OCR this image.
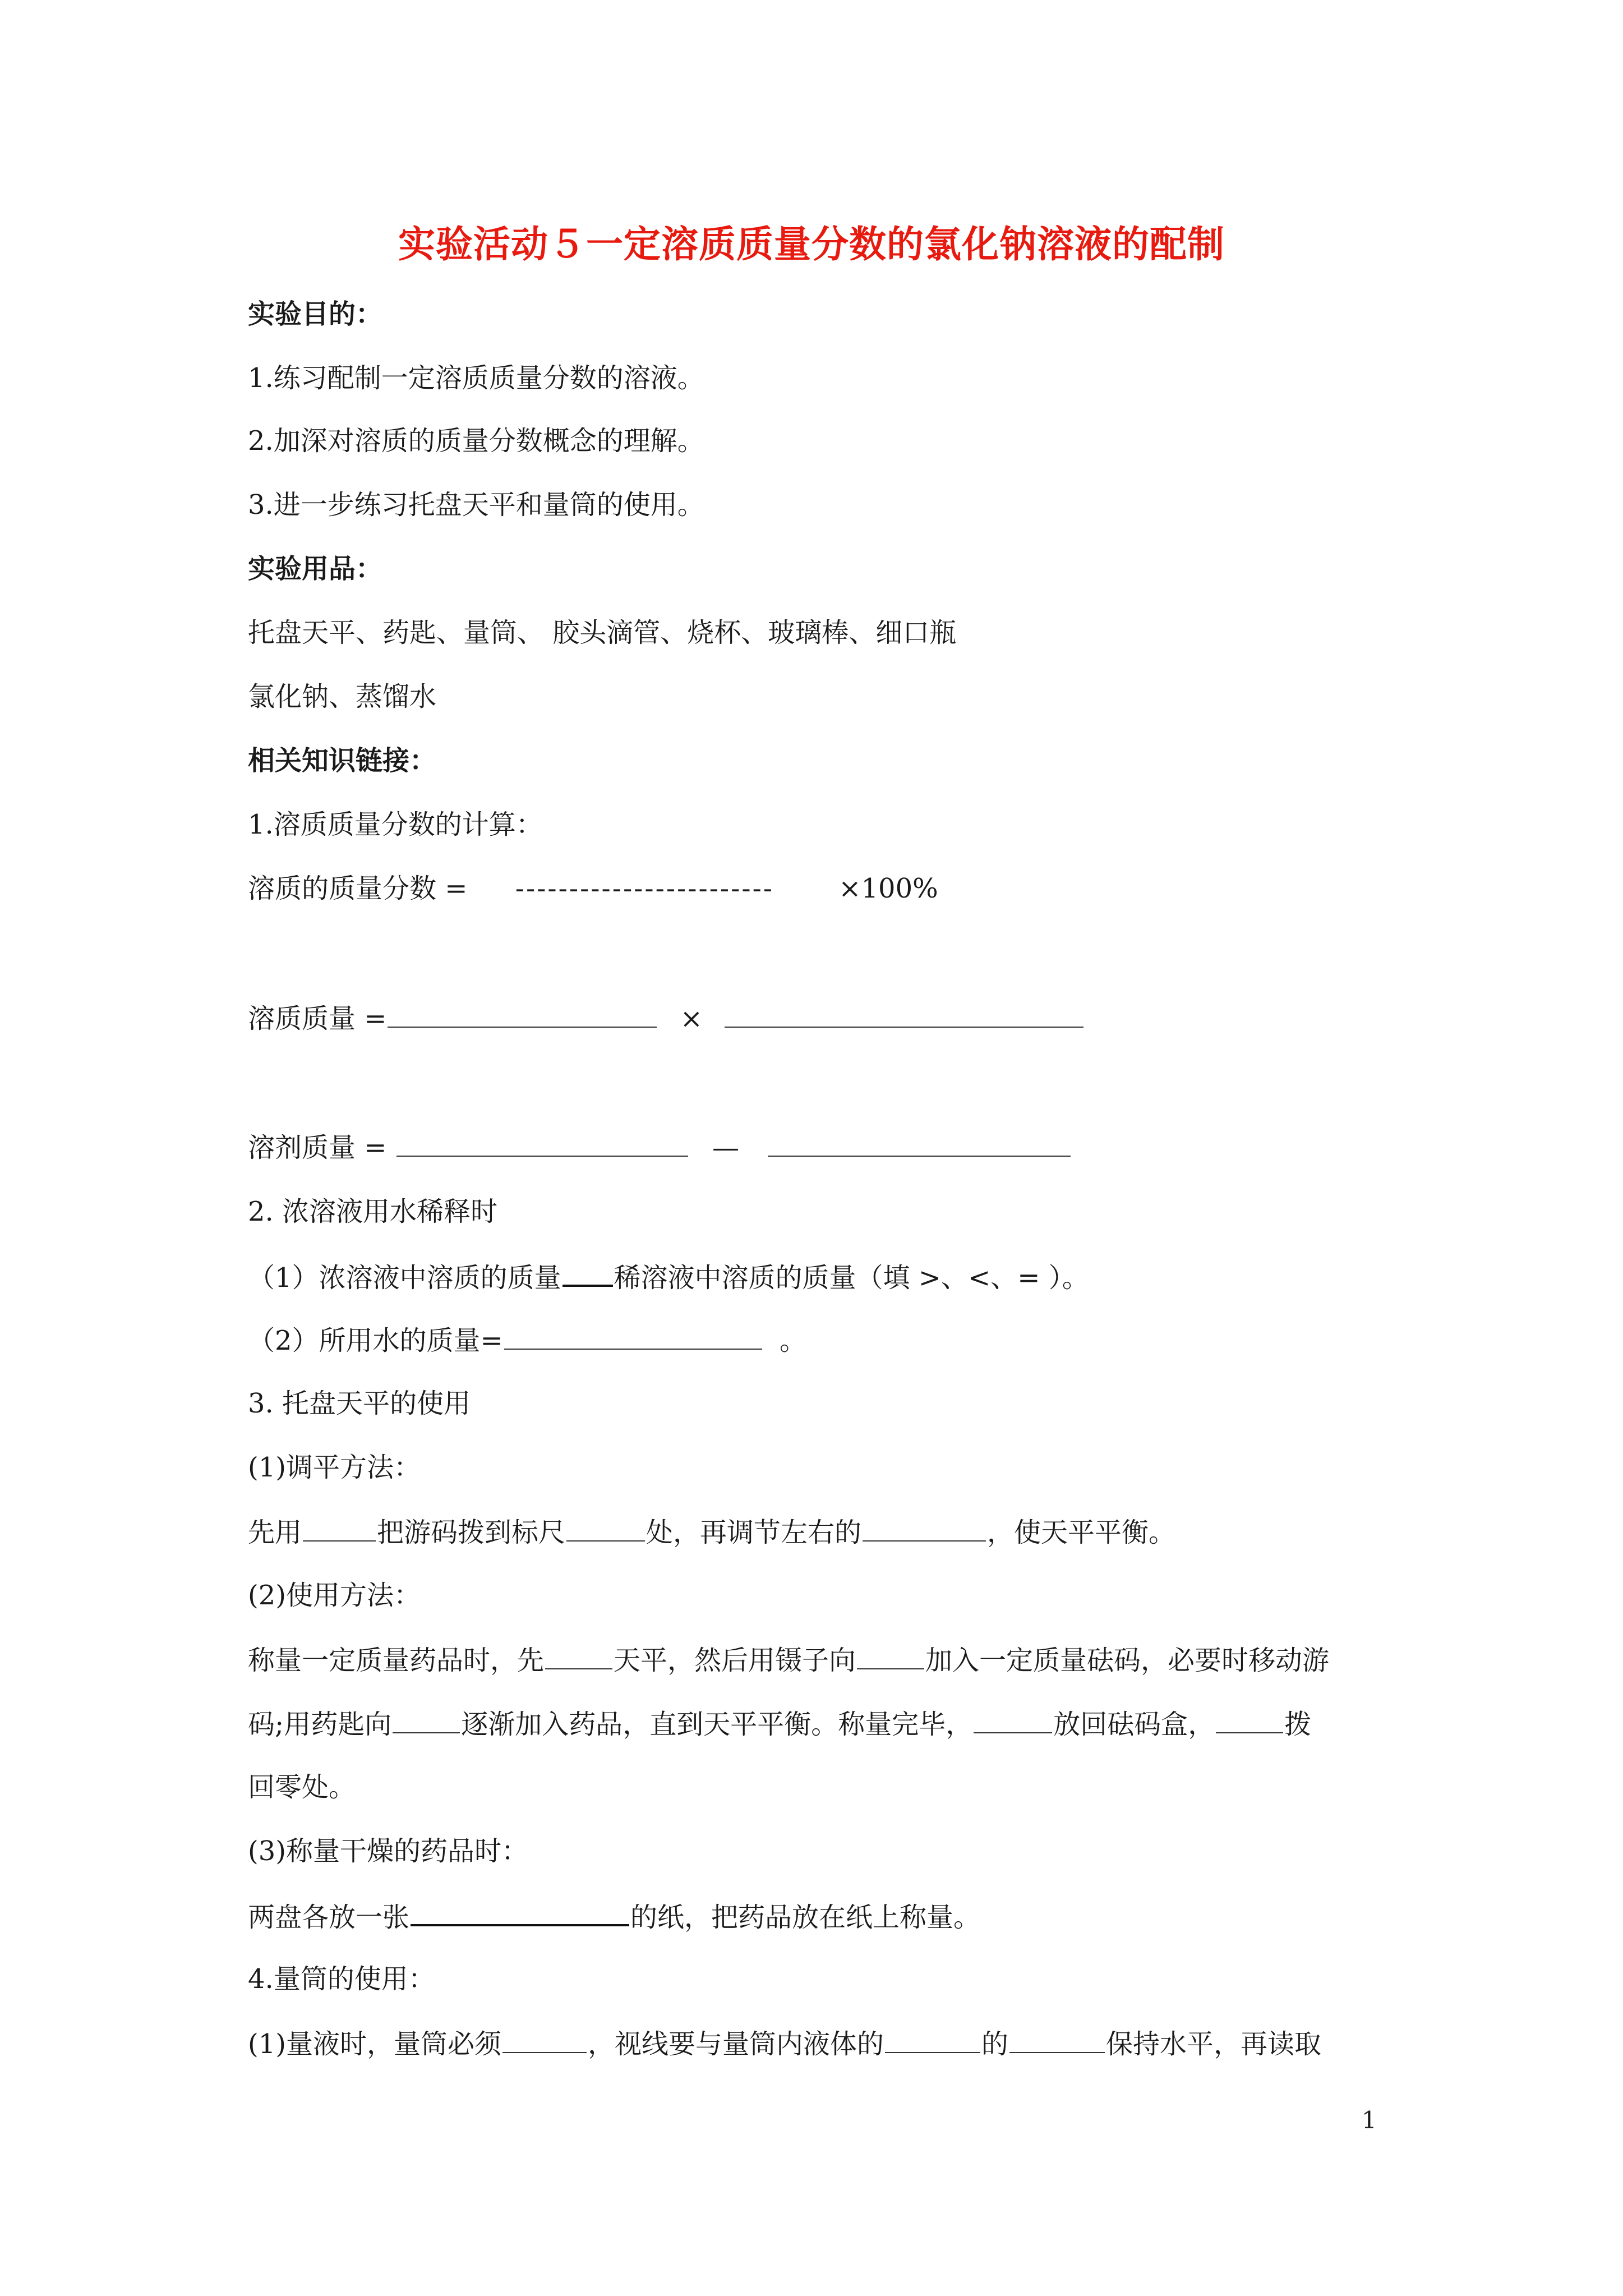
实验活动５一定溶质质量分数的氯化钠溶液的配制
实验目的：
1.练习配制一定溶质质量分数的溶液。
2.加深对溶质的质量分数概念的理解。
3.进一步练习托盘天平和量筒的使用。
实验用品：
托盘天平、药匙、量筒、 胶头滴管、烧杯、玻璃棒、细口瓶
氯化钠、蒸馏水
相关知识链接：
1.溶质质量分数的计算：
溶质的质量分数 = ------------------------ ×100%
溶质质量 =	×
溶剂质量 =	—
2. 浓溶液用水稀释时
（1）浓溶液中溶质的质量 稀溶液中溶质的质量（填 >、<、= ）。
（2）所用水的质量=	。
3. 托盘天平的使用
(1)调平方法：
先用	把游码拨到标尺	处，再调节左右的	，使天平平衡。
(2)使用方法：
称量一定质量药品时，先	天平，然后用镊子向	加入一定质量砝码，必要时移动游
码;用药匙向	逐渐加入药品，直到天平平衡。称量完毕，	放回砝码盒，	拨
回零处。
(3)称量干燥的药品时：
两盘各放一张	的纸，把药品放在纸上称量。
4.量筒的使用：
(1)量液时，量筒必须	，视线要与量筒内液体的	的	保持水平，再读取
1
